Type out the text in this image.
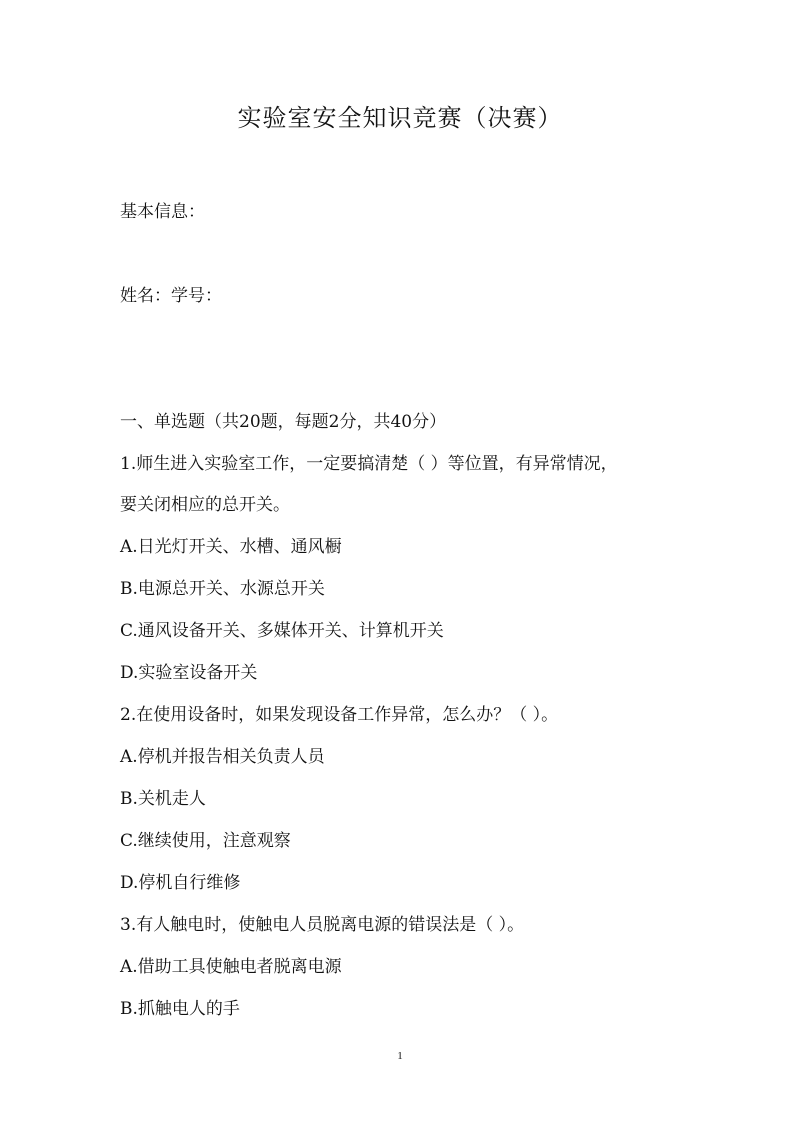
实验室安全知识竞赛（决赛）
基本信息：
姓名：学号：
一、单选题（共20题，每题2分，共40分）
1.师生进入实验室工作，一定要搞清楚（ ）等位置，有异常情况，
要关闭相应的总开关。
A.日光灯开关、水槽、通风橱
B.电源总开关、水源总开关
C.通风设备开关、多媒体开关、计算机开关
D.实验室设备开关
2.在使用设备时，如果发现设备工作异常，怎么办？（ ）。
A.停机并报告相关负责人员
B.关机走人
C.继续使用，注意观察
D.停机自行维修
3.有人触电时，使触电人员脱离电源的错误法是（ ）。
A.借助工具使触电者脱离电源
B.抓触电人的手
1
